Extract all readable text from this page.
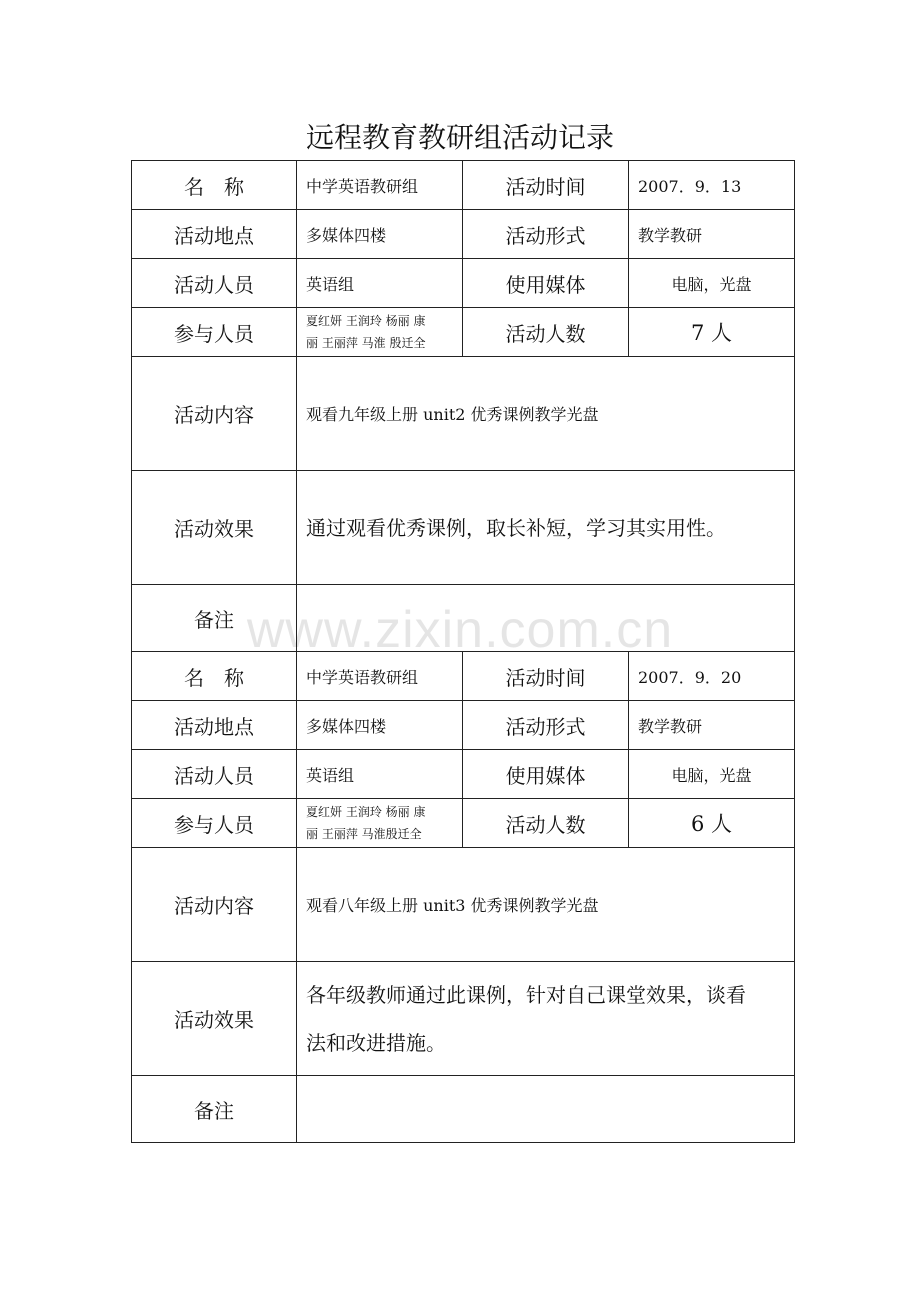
远程教育教研组活动记录
名　称	中学英语教研组	活动时间	2007．9．13
活动地点	多媒体四楼	活动形式	教学教研
活动人员	英语组	使用媒体	电脑，光盘
参与人员	夏红妍 王润玲 杨丽 康
丽 王丽萍 马淮 殷迁全	活动人数	7 人
活动内容	观看九年级上册 unit2 优秀课例教学光盘		
活动效果	通过观看优秀课例，取长补短，学习其实用性。		

备注			
名　称	中学英语教研组	活动时间	2007．9．20
活动地点	多媒体四楼	活动形式	教学教研
活动人员	英语组	使用媒体	电脑，光盘
参与人员	夏红妍 王润玲 杨丽 康
丽 王丽萍 马淮殷迁全	活动人数	6 人
活动内容	观看八年级上册 unit3 优秀课例教学光盘		
活动效果	各年级教师通过此课例，针对自己课堂效果，谈看
法和改进措施。		

备注			
www.zixin.com.cn
